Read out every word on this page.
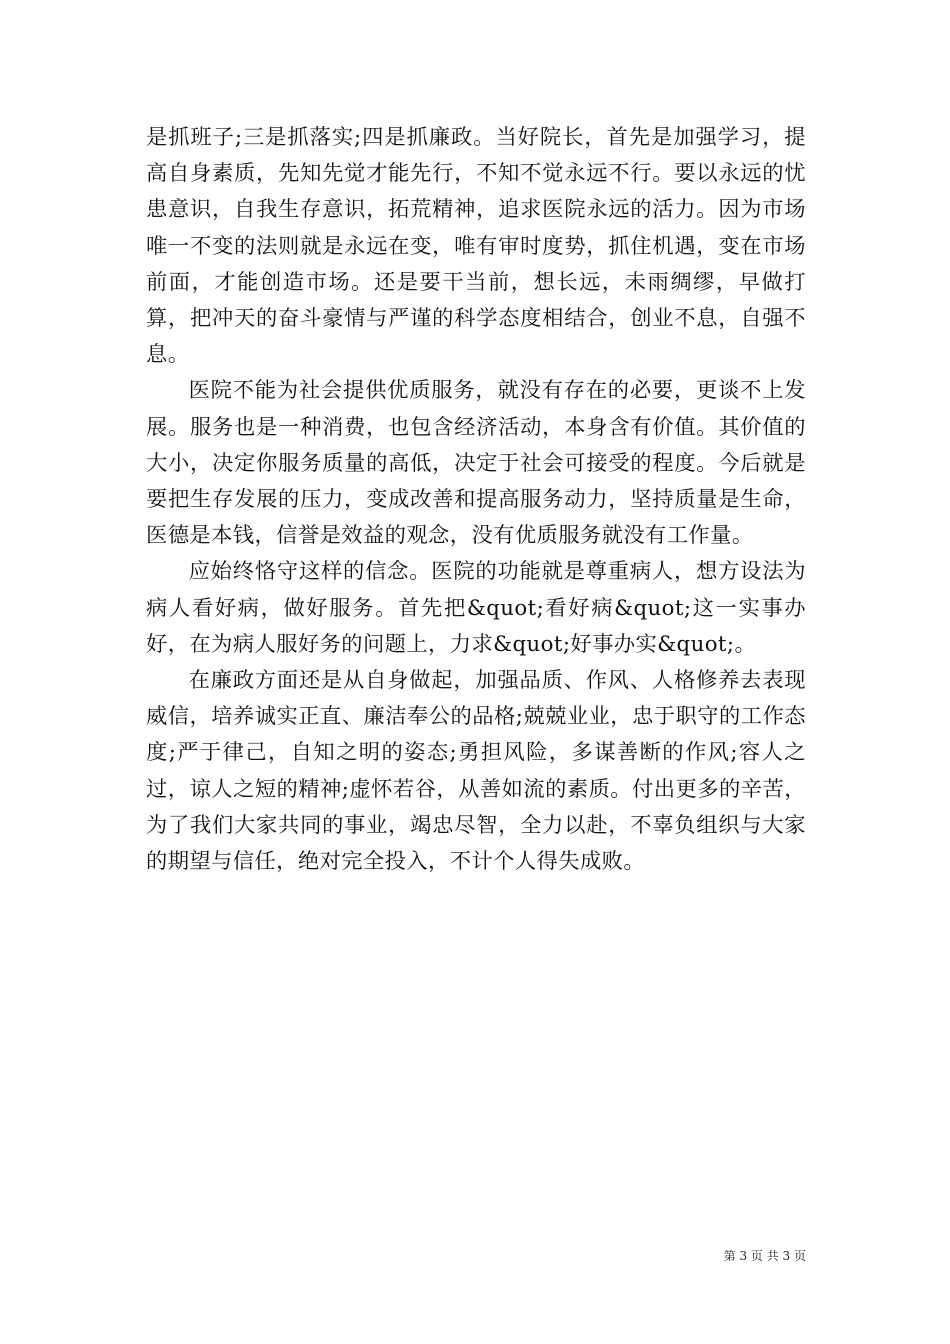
是抓班子;三是抓落实;四是抓廉政。当好院长，首先是加强学习，提高自身素质，先知先觉才能先行，不知不觉永远不行。要以永远的忧患意识，自我生存意识，拓荒精神，追求医院永远的活力。因为市场唯一不变的法则就是永远在变，唯有审时度势，抓住机遇，变在市场前面，才能创造市场。还是要干当前，想长远，未雨绸缪，早做打算，把冲天的奋斗豪情与严谨的科学态度相结合，创业不息，自强不息。

医院不能为社会提供优质服务，就没有存在的必要，更谈不上发展。服务也是一种消费，也包含经济活动，本身含有价值。其价值的大小，决定你服务质量的高低，决定于社会可接受的程度。今后就是要把生存发展的压力，变成改善和提高服务动力，坚持质量是生命，医德是本钱，信誉是效益的观念，没有优质服务就没有工作量。

应始终恪守这样的信念。医院的功能就是尊重病人，想方设法为病人看好病，做好服务。首先把&quot;看好病&quot;这一实事办好，在为病人服好务的问题上，力求&quot;好事办实&quot;。

在廉政方面还是从自身做起，加强品质、作风、人格修养去表现威信，培养诚实正直、廉洁奉公的品格;兢兢业业，忠于职守的工作态度;严于律己，自知之明的姿态;勇担风险，多谋善断的作风;容人之过，谅人之短的精神;虚怀若谷，从善如流的素质。付出更多的辛苦，为了我们大家共同的事业，竭忠尽智，全力以赴，不辜负组织与大家的期望与信任，绝对完全投入，不计个人得失成败。

第 3 页 共 3 页
